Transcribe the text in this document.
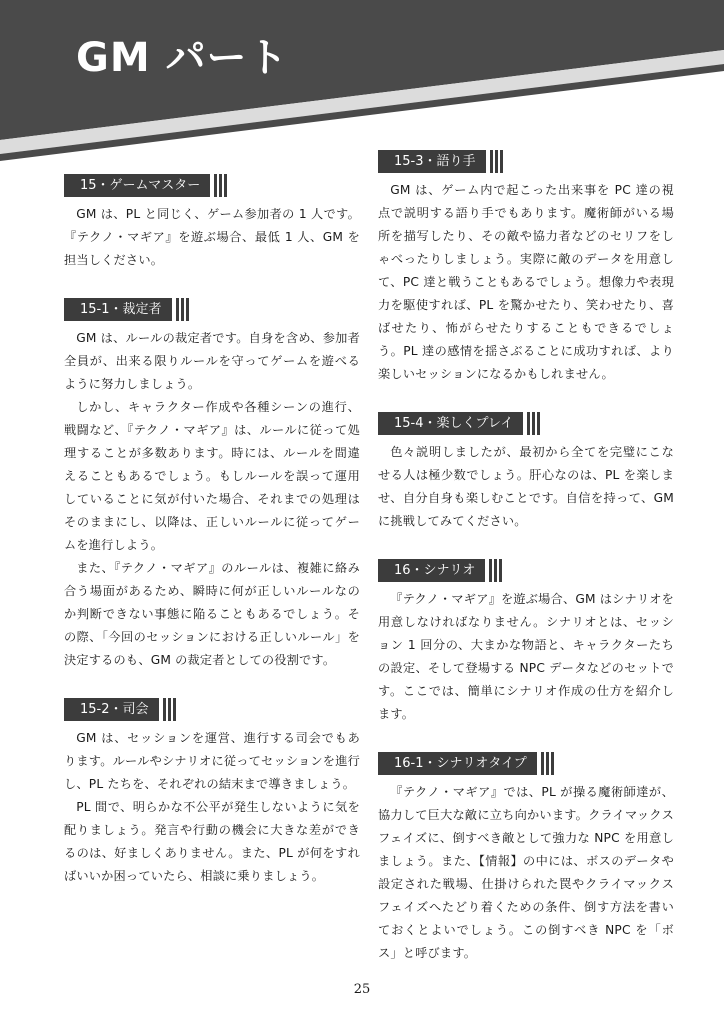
GM パート
15・ゲームマスター

GM は、PL と同じく、ゲーム参加者の 1 人です。『テクノ・マギア』を遊ぶ場合、最低 1 人、GM を担当しください。

15-1・裁定者

GM は、ルールの裁定者です。自身を含め、参加者全員が、出来る限りルールを守ってゲームを遊べるように努力しましょう。

しかし、キャラクター作成や各種シーンの進行、戦闘など、『テクノ・マギア』は、ルールに従って処理することが多数あります。時には、ルールを間違えることもあるでしょう。もしルールを誤って運用していることに気が付いた場合、それまでの処理はそのままにし、以降は、正しいルールに従ってゲームを進行しよう。

また、『テクノ・マギア』のルールは、複雑に絡み合う場面があるため、瞬時に何が正しいルールなのか判断できない事態に陥ることもあるでしょう。その際、「今回のセッションにおける正しいルール」を決定するのも、GM の裁定者としての役割です。

15-2・司会

GM は、セッションを運営、進行する司会でもあります。ルールやシナリオに従ってセッションを進行し、PL たちを、それぞれの結末まで導きましょう。

PL 間で、明らかな不公平が発生しないように気を配りましょう。発言や行動の機会に大きな差ができるのは、好ましくありません。また、PL が何をすればいいか困っていたら、相談に乗りましょう。

15-3・語り手

GM は、ゲーム内で起こった出来事を PC 達の視点で説明する語り手でもあります。魔術師がいる場所を描写したり、その敵や協力者などのセリフをしゃべったりしましょう。実際に敵のデータを用意して、PC 達と戦うこともあるでしょう。想像力や表現力を駆使すれば、PL を驚かせたり、笑わせたり、喜ばせたり、怖がらせたりすることもできるでしょう。PL 達の感情を揺さぶることに成功すれば、より楽しいセッションになるかもしれません。

15-4・楽しくプレイ

色々説明しましたが、最初から全てを完璧にこなせる人は極少数でしょう。肝心なのは、PL を楽しませ、自分自身も楽しむことです。自信を持って、GM に挑戦してみてください。

16・シナリオ

『テクノ・マギア』を遊ぶ場合、GM はシナリオを用意しなければなりません。シナリオとは、セッション 1 回分の、大まかな物語と、キャラクターたちの設定、そして登場する NPC データなどのセットです。ここでは、簡単にシナリオ作成の仕方を紹介します。

16-1・シナリオタイプ

『テクノ・マギア』では、PL が操る魔術師達が、協力して巨大な敵に立ち向かいます。クライマックスフェイズに、倒すべき敵として強力な NPC を用意しましょう。また、【情報】の中には、ボスのデータや設定された戦場、仕掛けられた罠やクライマックスフェイズへたどり着くための条件、倒す方法を書いておくとよいでしょう。この倒すべき NPC を「ボス」と呼びます。

25
